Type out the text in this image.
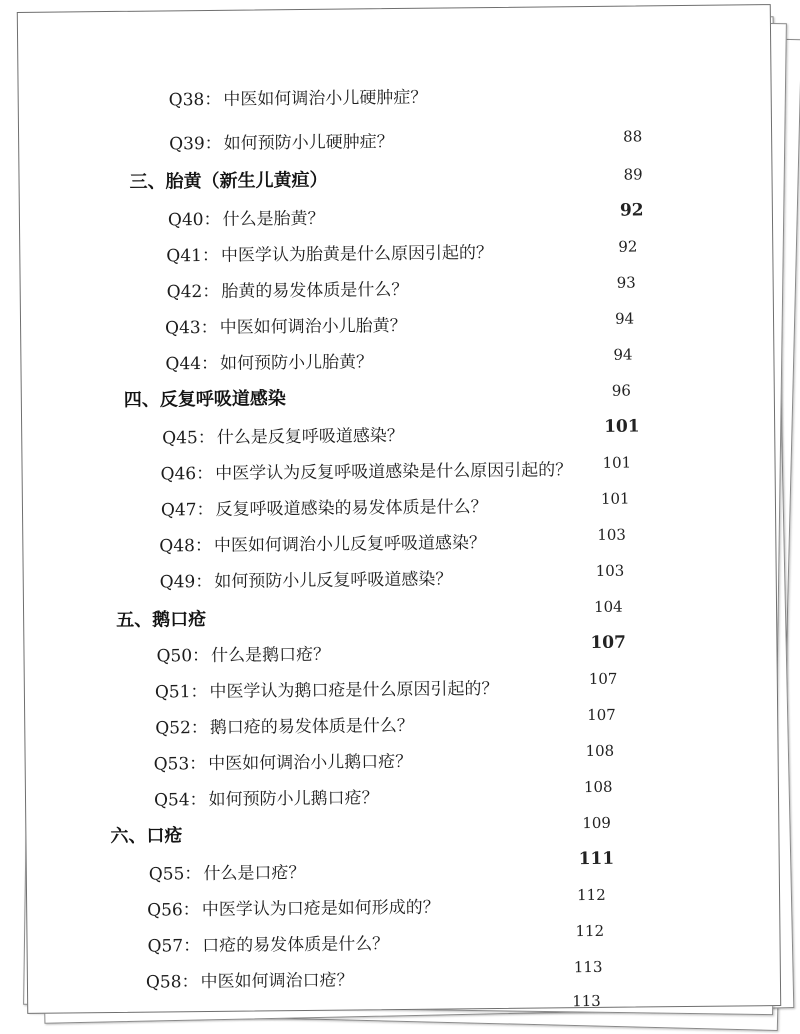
Q38： 中医如何调治小儿硬肿症？
Q39： 如何预防小儿硬肿症？
三、胎黄（新生儿黄疸）
Q40： 什么是胎黄？
Q41： 中医学认为胎黄是什么原因引起的？
Q42： 胎黄的易发体质是什么？
Q43： 中医如何调治小儿胎黄？
Q44： 如何预防小儿胎黄？
四、反复呼吸道感染
Q45： 什么是反复呼吸道感染？
Q46： 中医学认为反复呼吸道感染是什么原因引起的？
Q47： 反复呼吸道感染的易发体质是什么？
Q48： 中医如何调治小儿反复呼吸道感染？
Q49： 如何预防小儿反复呼吸道感染？
五、鹅口疮
Q50： 什么是鹅口疮？
Q51： 中医学认为鹅口疮是什么原因引起的？
Q52： 鹅口疮的易发体质是什么？
Q53： 中医如何调治小儿鹅口疮？
Q54： 如何预防小儿鹅口疮？
六、口疮
Q55： 什么是口疮？
Q56： 中医学认为口疮是如何形成的？
Q57： 口疮的易发体质是什么？
Q58： 中医如何调治口疮？
88
89
92
92
93
94
94
96
101
101
101
103
103
104
107
107
107
108
108
109
111
112
112
113
113
